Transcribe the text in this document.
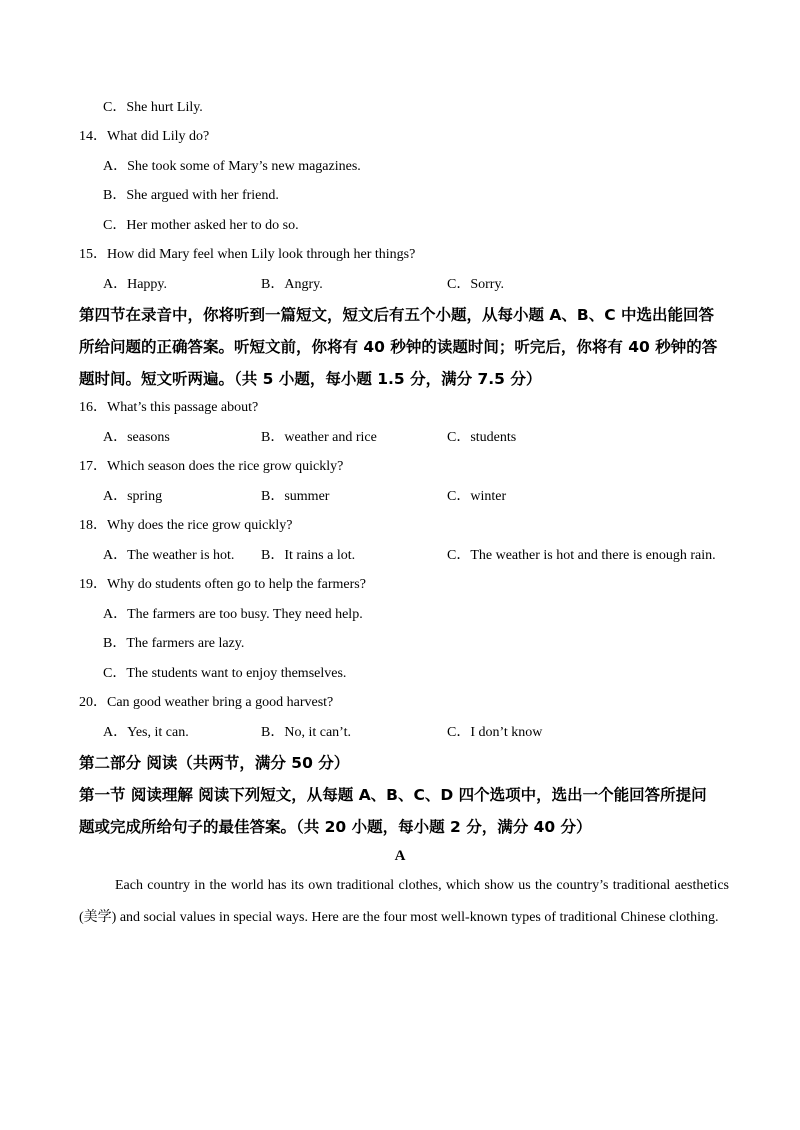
C．She hurt Lily.
14．What did Lily do?
A．She took some of Mary’s new magazines.
B．She argued with her friend.
C．Her mother asked her to do so.
15．How did Mary feel when Lily look through her things?
A．Happy.	B．Angry.	C．Sorry.
第四节在录音中，你将听到一篇短文，短文后有五个小题，从每小题 A、B、C 中选出能回答
所给问题的正确答案。听短文前，你将有 40 秒钟的读题时间；听完后，你将有 40 秒钟的答
题时间。短文听两遍。（共 5 小题，每小题 1.5 分，满分 7.5 分）
16．What’s this passage about?
A．seasons	B．weather and rice	C．students
17．Which season does the rice grow quickly?
A．spring	B．summer	C．winter
18．Why does the rice grow quickly?
A．The weather is hot. B．It rains a lot.	C．The weather is hot and there is enough rain.
19．Why do students often go to help the farmers?
A．The farmers are too busy. They need help.
B．The farmers are lazy.
C．The students want to enjoy themselves.
20．Can good weather bring a good harvest?
A．Yes, it can.	B．No, it can’t.	C．I don’t know
第二部分 阅读（共两节，满分 50 分）
第一节 阅读理解 阅读下列短文，从每题 A、B、C、D 四个选项中，选出一个能回答所提问
题或完成所给句子的最佳答案。（共 20 小题，每小题 2 分，满分 40 分）
A
Each country in the world has its own traditional clothes, which show us the country’s traditional aesthetics (美学) and social values in special ways. Here are the four most well-known types of traditional Chinese clothing.
